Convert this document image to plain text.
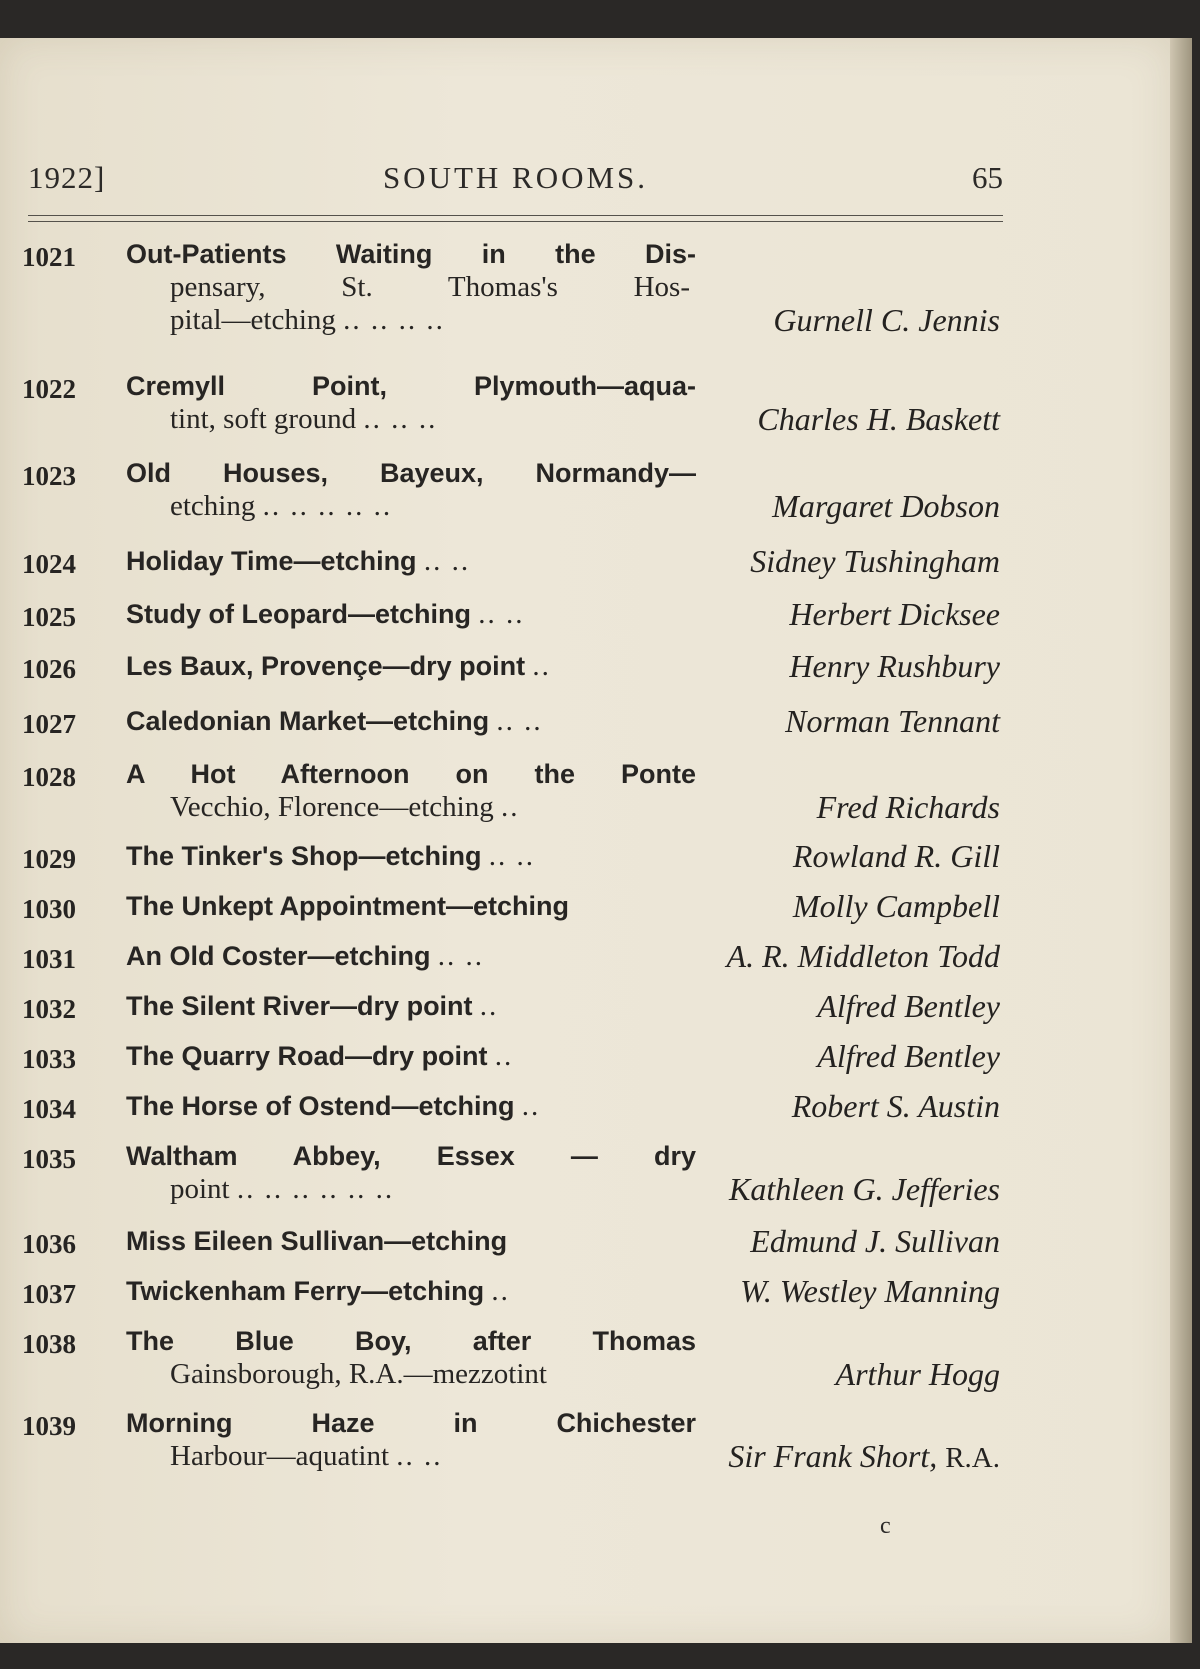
1922]	SOUTH ROOMS.	65
1021	Out-Patients Waiting in the Dis-
pensary, St. Thomas's Hos-
pital—etching .. .. .. ..	Gurnell C. Jennis
1022	Cremyll Point, Plymouth—aqua-
tint, soft ground .. .. ..	Charles H. Baskett
1023	Old Houses, Bayeux, Normandy—
etching .. .. .. .. ..	Margaret Dobson
1024	Holiday Time—etching .. ..	Sidney Tushingham
1025	Study of Leopard—etching .. ..	Herbert Dicksee
1026	Les Baux, Provençe—dry point ..	Henry Rushbury
1027	Caledonian Market—etching .. ..	Norman Tennant
1028	A Hot Afternoon on the Ponte
Vecchio, Florence—etching ..	Fred Richards
1029	The Tinker's Shop—etching .. ..	Rowland R. Gill
1030	The Unkept Appointment—etching	Molly Campbell
1031	An Old Coster—etching .. ..	A. R. Middleton Todd
1032	The Silent River—dry point ..	Alfred Bentley
1033	The Quarry Road—dry point ..	Alfred Bentley
1034	The Horse of Ostend—etching ..	Robert S. Austin
1035	Waltham Abbey, Essex — dry
point .. .. .. .. .. ..	Kathleen G. Jefferies
1036	Miss Eileen Sullivan—etching	Edmund J. Sullivan
1037	Twickenham Ferry—etching ..	W. Westley Manning
1038	The Blue Boy, after Thomas
Gainsborough, R.A.—mezzotint	Arthur Hogg
1039	Morning Haze in Chichester
Harbour—aquatint .. ..	Sir Frank Short, R.A.
c
